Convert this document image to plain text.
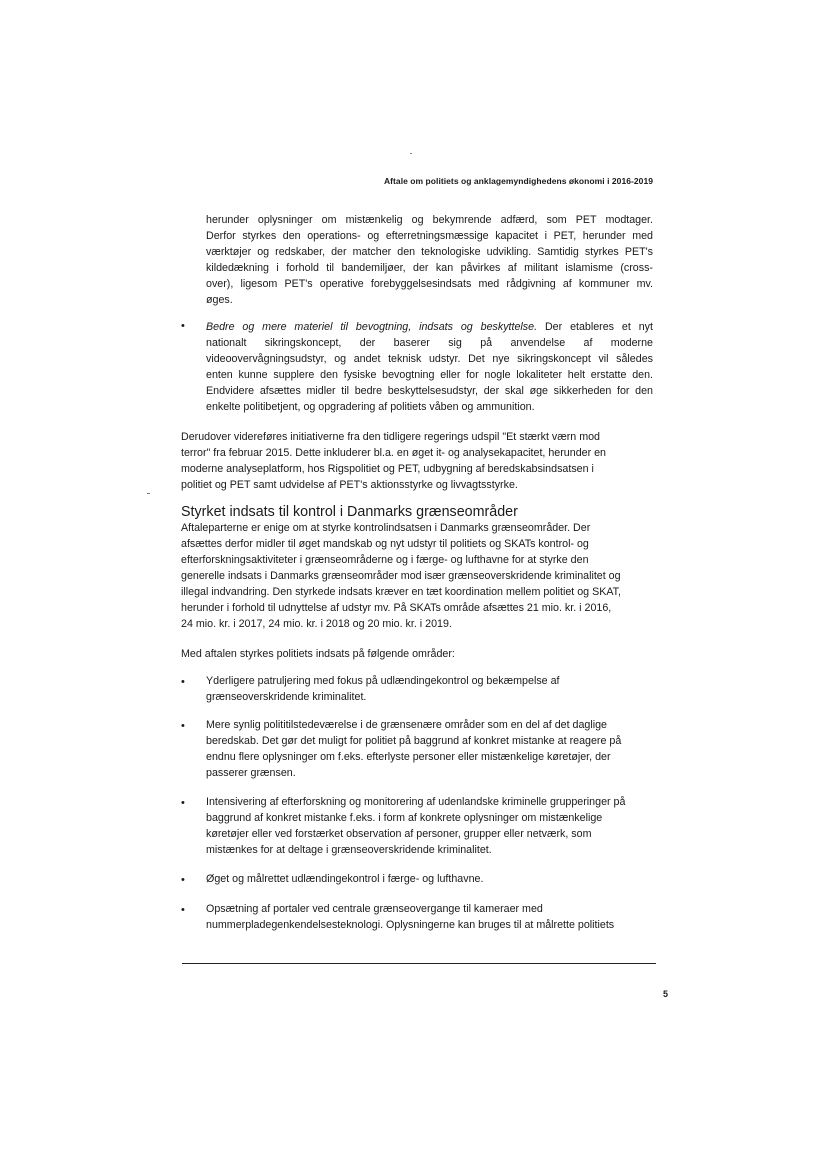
Aftale om politiets og anklagemyndighedens økonomi i 2016-2019

herunder oplysninger om mistænkelig og bekymrende adfærd, som PET modtager.

Derfor styrkes den operations- og efterretningsmæssige kapacitet i PET, herunder med

værktøjer og redskaber, der matcher den teknologiske udvikling. Samtidig styrkes PET's

kildedækning i forhold til bandemiljøer, der kan påvirkes af militant islamisme (cross-

over), ligesom PET's operative forebyggelsesindsats med rådgivning af kommuner mv.

øges.

• Bedre og mere materiel til bevogtning, indsats og beskyttelse. Der etableres et nyt

nationalt    sikringskoncept,    der    baserer    sig    på    anvendelse    af    moderne

videoovervågningsudstyr, og andet teknisk udstyr. Det nye sikringskoncept vil således

enten kunne supplere den fysiske bevogtning eller for nogle lokaliteter helt erstatte den.

Endvidere afsættes midler til bedre beskyttelsesudstyr, der skal øge sikkerheden for den

enkelte politibetjent, og opgradering af politiets våben og ammunition.

Derudover videreføres initiativerne fra den tidligere regerings udspil "Et stærkt værn mod

terror" fra februar 2015. Dette inkluderer bl.a. en øget it- og analysekapacitet, herunder en

moderne analyseplatform, hos Rigspolitiet og PET, udbygning af beredskabsindsatsen i

politiet og PET samt udvidelse af PET's aktionsstyrke og livvagtsstyrke.

Styrket indsats til kontrol i Danmarks grænseområder

Aftaleparterne er enige om at styrke kontrolindsatsen i Danmarks grænseområder. Der

afsættes derfor midler til øget mandskab og nyt udstyr til politiets og SKATs kontrol- og

efterforskningsaktiviteter i grænseområderne og i færge- og lufthavne for at styrke den

generelle indsats i Danmarks grænseområder mod især grænseoverskridende kriminalitet og

illegal indvandring. Den styrkede indsats kræver en tæt koordination mellem politiet og SKAT,

herunder i forhold til udnyttelse af udstyr mv. På SKATs område afsættes 21 mio. kr. i 2016,

24 mio. kr. i 2017, 24 mio. kr. i 2018 og 20 mio. kr. i 2019.

Med aftalen styrkes politiets indsats på følgende områder:

• Yderligere patruljering med fokus på udlændingekontrol og bekæmpelse af

grænseoverskridende kriminalitet.

• Mere synlig polititilstedeværelse i de grænsenære områder som en del af det daglige

beredskab. Det gør det muligt for politiet på baggrund af konkret mistanke at reagere på

endnu flere oplysninger om f.eks. efterlyste personer eller mistænkelige køretøjer, der

passerer grænsen.

• Intensivering af efterforskning og monitorering af udenlandske kriminelle grupperinger på

baggrund af konkret mistanke f.eks. i form af konkrete oplysninger om mistænkelige

køretøjer eller ved forstærket observation af personer, grupper eller netværk, som

mistænkes for at deltage i grænseoverskridende kriminalitet.

• Øget og målrettet udlændingekontrol i færge- og lufthavne.

• Opsætning af portaler ved centrale grænseovergange til kameraer med

nummerpladegenkendelsesteknologi. Oplysningerne kan bruges til at målrette politiets

5
